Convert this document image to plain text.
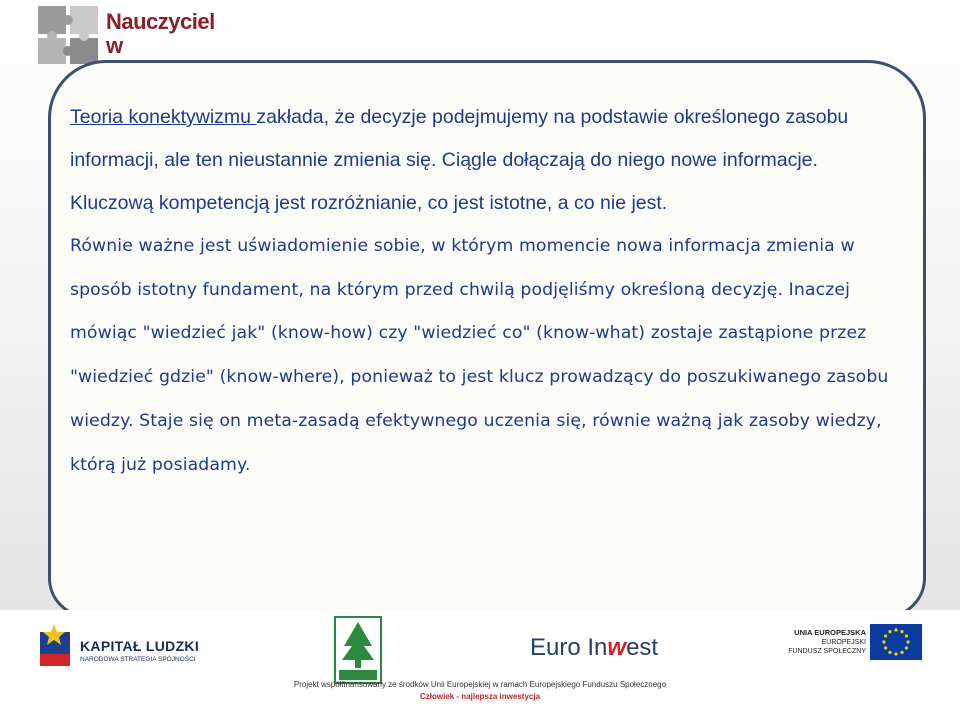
Nauczyciel
w

Teoria konektywizmu zakłada, że decyzje podejmujemy na podstawie określonego zasobu informacji, ale ten nieustannie zmienia się. Ciągle dołączają do niego nowe informacje. Kluczową kompetencją jest rozróżnianie, co jest istotne, a co nie jest.

Równie ważne jest uświadomienie sobie, w którym momencie nowa informacja zmienia w sposób istotny fundament, na którym przed chwilą podjęliśmy określoną decyzję. Inaczej mówiąc "wiedzieć jak" (know-how) czy "wiedzieć co" (know-what) zostaje zastąpione przez "wiedzieć gdzie" (know-where), ponieważ to jest klucz prowadzący do poszukiwanego zasobu wiedzy. Staje się on meta-zasadą efektywnego uczenia się, równie ważną jak zasoby wiedzy, którą już posiadamy.

KAPITAŁ LUDZKI
NARODOWA STRATEGIA SPÓJNOŚCI	Euro Inwest
UNIA EUROPEJSKA
EUROPEJSKI
FUNDUSZ SPOŁECZNY
Projekt współfinansowany ze środków Unii Europejskiej w ramach Europejskiego Funduszu Społecznego
Człowiek - najlepsza inwestycja
